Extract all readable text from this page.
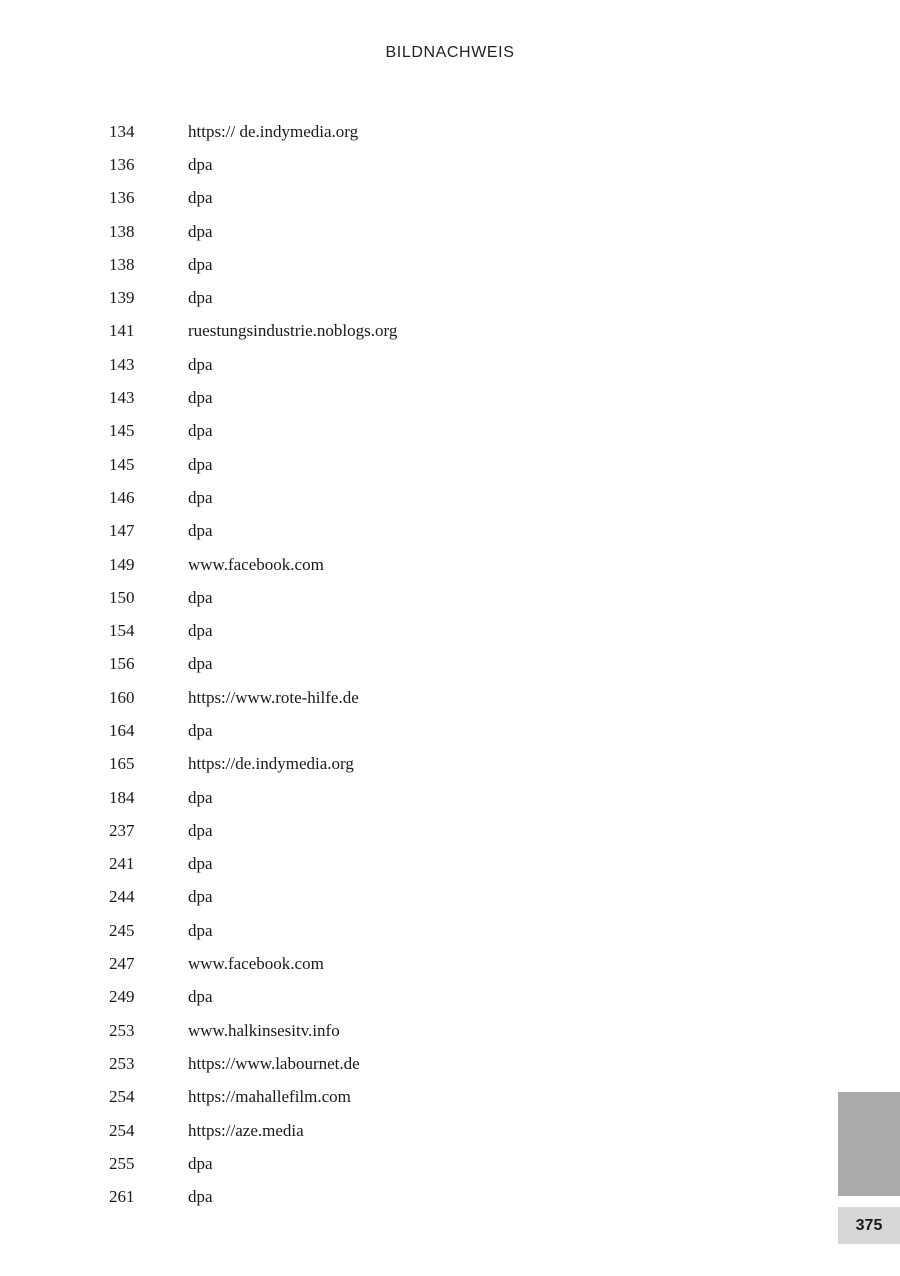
BILDNACHWEIS
134	https:// de.indymedia.org
136	dpa
136	dpa
138	dpa
138	dpa
139	dpa
141	ruestungsindustrie.noblogs.org
143	dpa
143	dpa
145	dpa
145	dpa
146	dpa
147	dpa
149	www.facebook.com
150	dpa
154	dpa
156	dpa
160	https://www.rote-hilfe.de
164	dpa
165	https://de.indymedia.org
184	dpa
237	dpa
241	dpa
244	dpa
245	dpa
247	www.facebook.com
249	dpa
253	www.halkinsesitv.info
253	https://www.labournet.de
254	https://mahallefilm.com
254	https://aze.media
255	dpa
261	dpa
375
